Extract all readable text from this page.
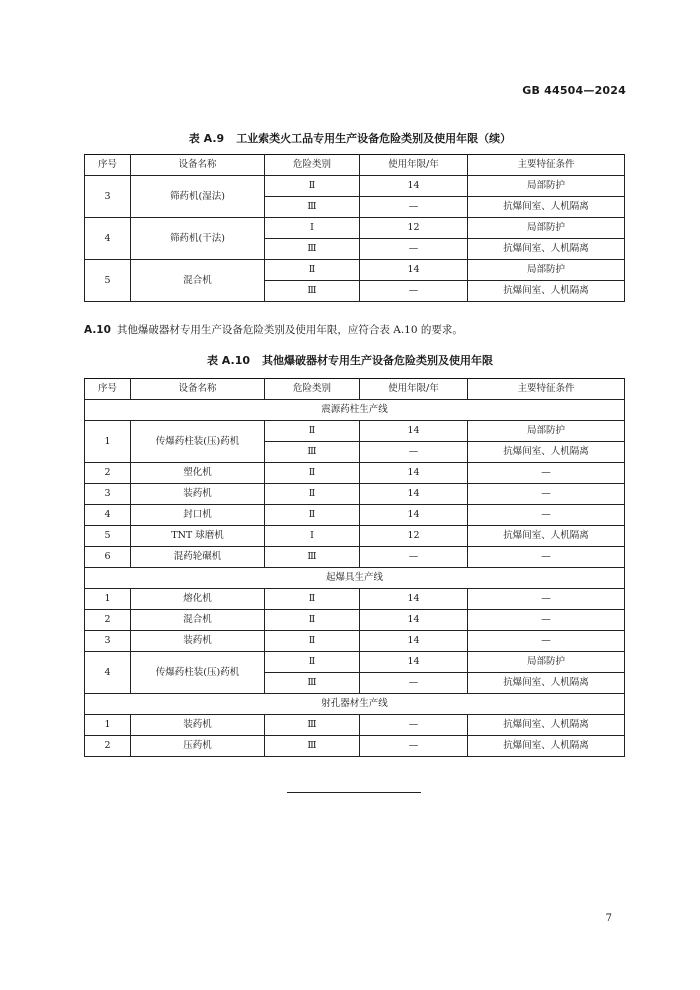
GB 44504—2024
表 A.9 工业索类火工品专用生产设备危险类别及使用年限（续）
序号	设备名称	危险类别	使用年限/年	主要特征条件
3	筛药机(湿法)	Ⅱ	14	局部防护
		Ⅲ	—	抗爆间室、人机隔离
4	筛药机(干法)	Ⅰ	12	局部防护
		Ⅲ	—	抗爆间室、人机隔离
5	混合机	Ⅱ	14	局部防护
		Ⅲ	—	抗爆间室、人机隔离
A.10 其他爆破器材专用生产设备危险类别及使用年限，应符合表 A.10 的要求。
表 A.10 其他爆破器材专用生产设备危险类别及使用年限
序号	设备名称	危险类别	使用年限/年	主要特征条件
震源药柱生产线				
1	传爆药柱装(压)药机	Ⅱ	14	局部防护
		Ⅲ	—	抗爆间室、人机隔离
2	塑化机	Ⅱ	14	—
3	装药机	Ⅱ	14	—
4	封口机	Ⅱ	14	—
5	TNT 球磨机	Ⅰ	12	抗爆间室、人机隔离
6	混药轮碾机	Ⅲ	—	—
起爆具生产线				
1	熔化机	Ⅱ	14	—
2	混合机	Ⅱ	14	—
3	装药机	Ⅱ	14	—
4	传爆药柱装(压)药机	Ⅱ	14	局部防护
		Ⅲ	—	抗爆间室、人机隔离
射孔器材生产线				
1	装药机	Ⅲ	—	抗爆间室、人机隔离
2	压药机	Ⅲ	—	抗爆间室、人机隔离
7
